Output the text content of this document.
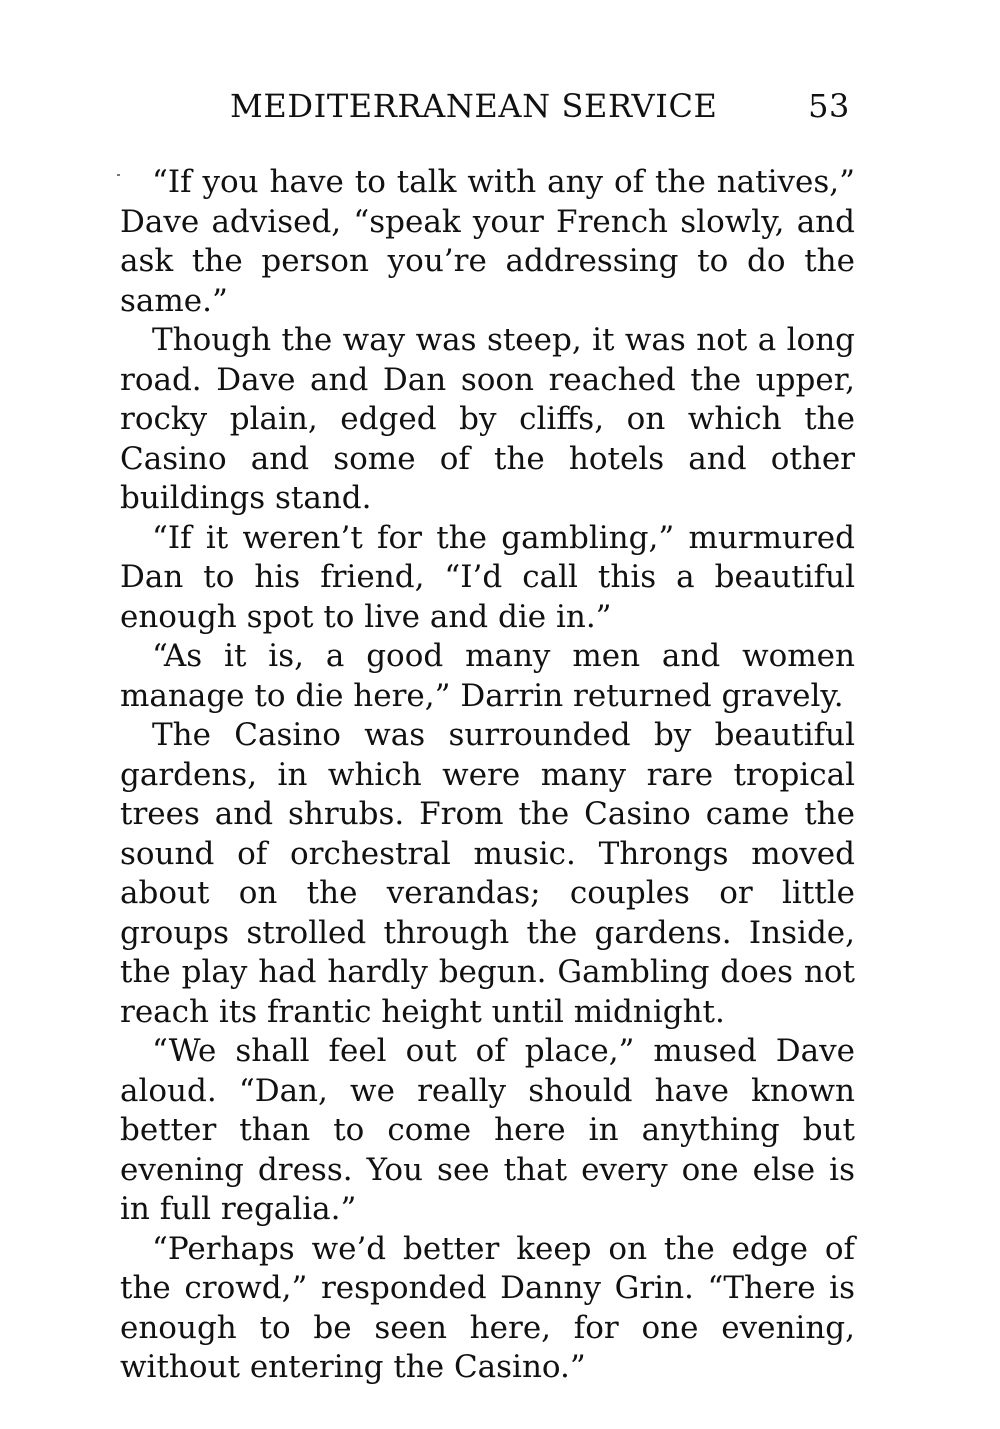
MEDITERRANEAN SERVICE	53

“If you have to talk with any of the natives,” Dave advised, “speak your French slowly, and ask the person you’re addressing to do the same.”

Though the way was steep, it was not a long road. Dave and Dan soon reached the upper, rocky plain, edged by cliffs, on which the Casino and some of the hotels and other buildings stand.

“If it weren’t for the gambling,” murmured Dan to his friend, “I’d call this a beautiful enough spot to live and die in.”

“As it is, a good many men and women manage to die here,” Darrin returned gravely.

The Casino was surrounded by beautiful gardens, in which were many rare tropical trees and shrubs. From the Casino came the sound of orchestral music. Throngs moved about on the verandas; couples or little groups strolled through the gardens. Inside, the play had hardly begun. Gambling does not reach its frantic height until midnight.

“We shall feel out of place,” mused Dave aloud. “Dan, we really should have known better than to come here in anything but evening dress. You see that every one else is in full regalia.”

“Perhaps we’d better keep on the edge of the crowd,” responded Danny Grin. “There is enough to be seen here, for one evening, without entering the Casino.”
